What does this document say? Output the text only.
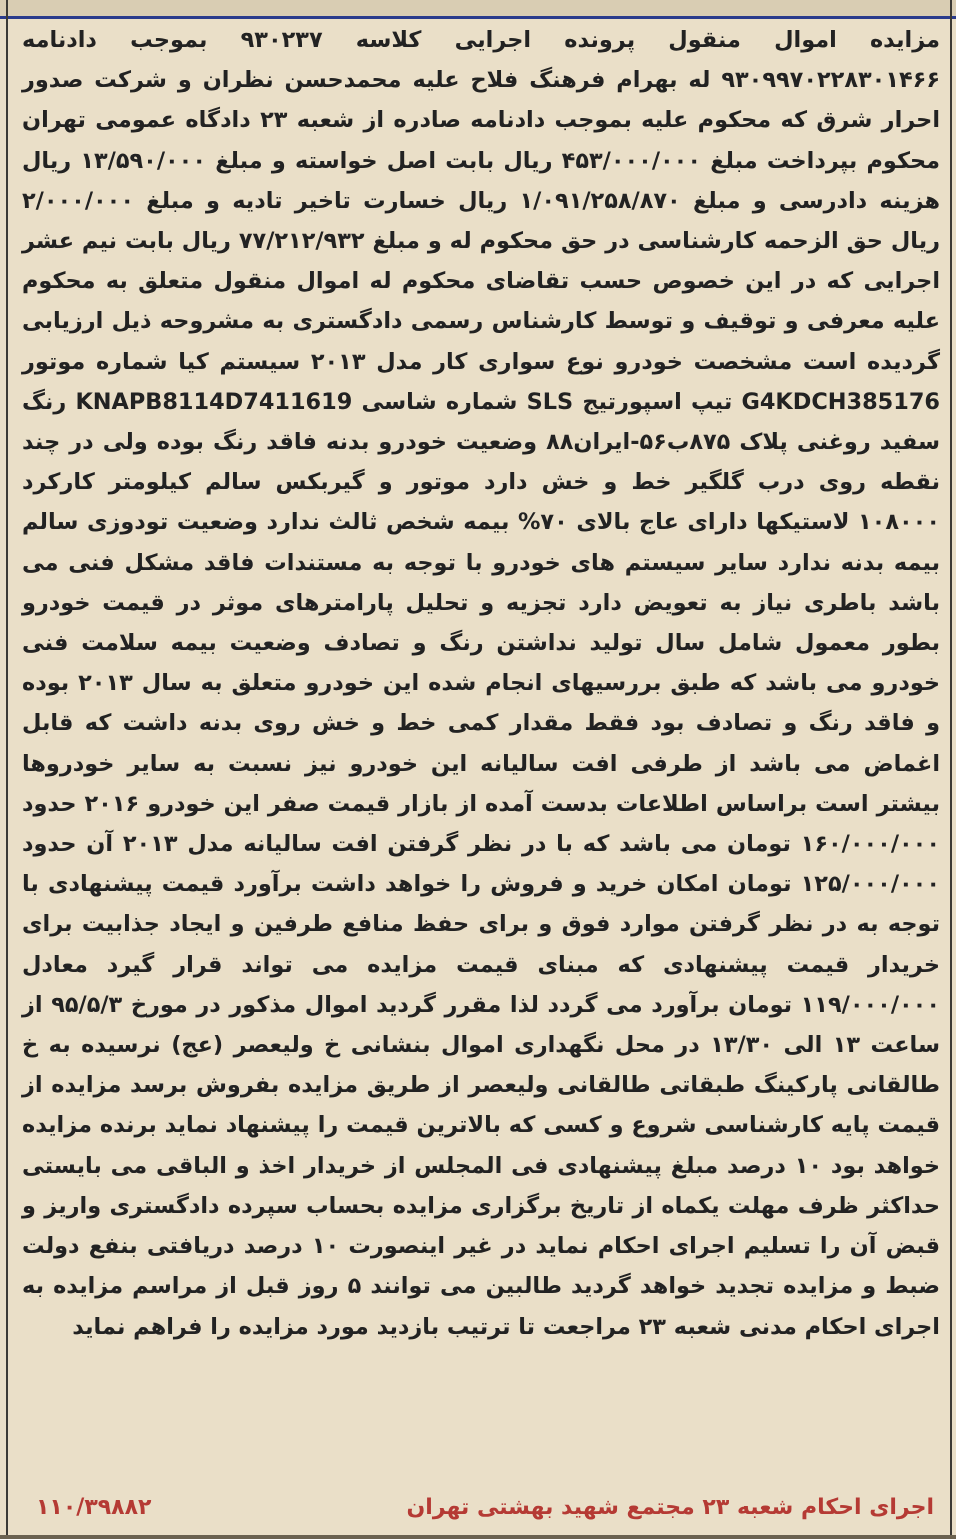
مزایده اموال منقول پرونده اجرایی کلاسه ۹۳۰۲۳۷ بموجب دادنامه ۹۳۰۹۹۷۰۲۲۸۳۰۱۴۶۶ له بهرام فرهنگ فلاح علیه محمدحسن نظران و شرکت صدور احرار شرق که محکوم علیه بموجب دادنامه صادره از شعبه ۲۳ دادگاه عمومی تهران محکوم بپرداخت مبلغ ۴۵۳/۰۰۰/۰۰۰ ریال بابت اصل خواسته و مبلغ ۱۳/۵۹۰/۰۰۰ ریال هزینه دادرسی و مبلغ ۱/۰۹۱/۲۵۸/۸۷۰ ریال خسارت تاخیر تادیه و مبلغ ۲/۰۰۰/۰۰۰ ریال حق الزحمه کارشناسی در حق محکوم له و مبلغ ۷۷/۲۱۲/۹۳۲ ریال بابت نیم عشر اجرایی که در این خصوص حسب تقاضای محکوم له اموال منقول متعلق به محکوم علیه معرفی و توقیف و توسط کارشناس رسمی دادگستری به مشروحه ذیل ارزیابی گردیده است مشخصت خودرو نوع سواری کار مدل ۲۰۱۳ سیستم کیا شماره موتور G4KDCH385176 تیپ اسپورتیج SLS شماره شاسی KNAPB8114D7411619 رنگ سفید روغنی پلاک ۸۷۵ب۵۶-ایران۸۸ وضعیت خودرو بدنه فاقد رنگ بوده ولی در چند نقطه روی درب گلگیر خط و خش دارد موتور و گیربکس سالم کیلومتر کارکرد ۱۰۸۰۰۰ لاستیکها دارای عاج بالای ۷۰% بیمه شخص ثالث ندارد وضعیت تودوزی سالم بیمه بدنه ندارد سایر سیستم های خودرو با توجه به مستندات فاقد مشکل فنی می باشد باطری نیاز به تعویض دارد تجزیه و تحلیل پارامترهای موثر در قیمت خودرو بطور معمول شامل سال تولید نداشتن رنگ و تصادف وضعیت بیمه سلامت فنی خودرو می باشد که طبق بررسیهای انجام شده این خودرو متعلق به سال ۲۰۱۳ بوده و فاقد رنگ و تصادف بود فقط مقدار کمی خط و خش روی بدنه داشت که قابل اغماض می باشد از طرفی افت سالیانه این خودرو نیز نسبت به سایر خودروها بیشتر است براساس اطلاعات بدست آمده از بازار قیمت صفر این خودرو ۲۰۱۶ حدود ۱۶۰/۰۰۰/۰۰۰ تومان می باشد که با در نظر گرفتن افت سالیانه مدل ۲۰۱۳ آن حدود ۱۲۵/۰۰۰/۰۰۰ تومان امکان خرید و فروش را خواهد داشت برآورد قیمت پیشنهادی با توجه به در نظر گرفتن موارد فوق و برای حفظ منافع طرفین و ایجاد جذابیت برای خریدار قیمت پیشنهادی که مبنای قیمت مزایده می تواند قرار گیرد معادل ۱۱۹/۰۰۰/۰۰۰ تومان برآورد می گردد لذا مقرر گردید اموال مذکور در مورخ ۹۵/۵/۳ از ساعت ۱۳ الی ۱۳/۳۰ در محل نگهداری اموال بنشانی خ ولیعصر (عج) نرسیده به خ طالقانی پارکینگ طبقاتی طالقانی ولیعصر از طریق مزایده بفروش برسد مزایده از قیمت پایه کارشناسی شروع و کسی که بالاترین قیمت را پیشنهاد نماید برنده مزایده خواهد بود ۱۰ درصد مبلغ پیشنهادی فی المجلس از خریدار اخذ و الباقی می بایستی حداکثر ظرف مهلت یکماه از تاریخ برگزاری مزایده بحساب سپرده دادگستری واریز و قبض آن را تسلیم اجرای احکام نماید در غیر اینصورت ۱۰ درصد دریافتی بنفع دولت ضبط و مزایده تجدید خواهد گردید طالبین می توانند ۵ روز قبل از مراسم مزایده به اجرای احکام مدنی شعبه ۲۳ مراجعت تا ترتیب بازدید مورد مزایده را فراهم نماید

اجرای احکام شعبه ۲۳ مجتمع شهید بهشتی تهران
۱۱۰/۳۹۸۸۲
